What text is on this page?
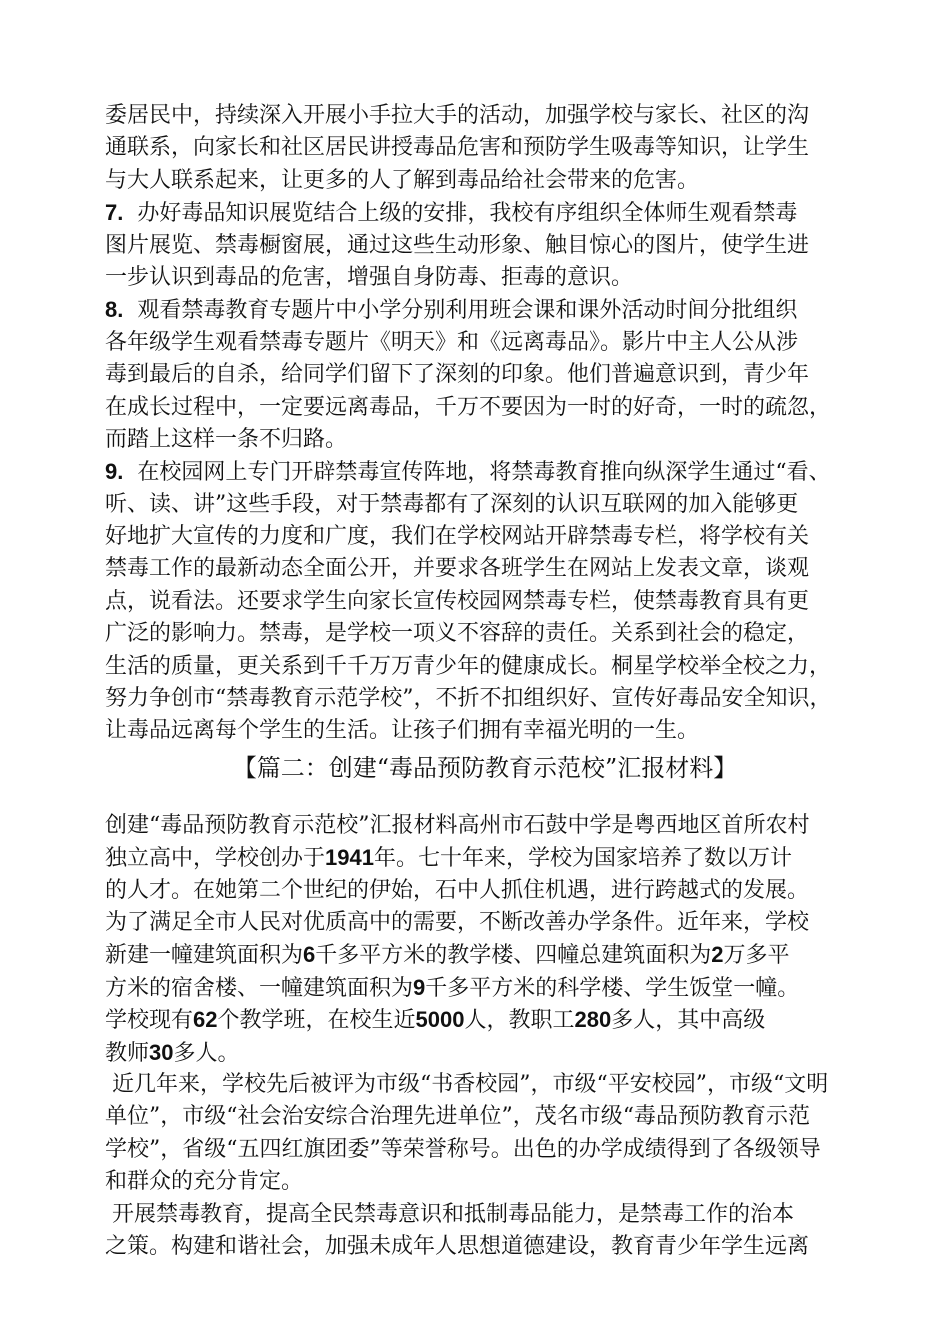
委居民中，持续深入开展小手拉大手的活动，加强学校与家长、社区的沟
通联系，向家长和社区居民讲授毒品危害和预防学生吸毒等知识，让学生
与大人联系起来，让更多的人了解到毒品给社会带来的危害。
7. 办好毒品知识展览结合上级的安排，我校有序组织全体师生观看禁毒
图片展览、禁毒橱窗展，通过这些生动形象、触目惊心的图片，使学生进
一步认识到毒品的危害，增强自身防毒、拒毒的意识。
8. 观看禁毒教育专题片中小学分别利用班会课和课外活动时间分批组织
各年级学生观看禁毒专题片《明天》和《远离毒品》。影片中主人公从涉
毒到最后的自杀，给同学们留下了深刻的印象。他们普遍意识到，青少年
在成长过程中，一定要远离毒品，千万不要因为一时的好奇，一时的疏忽，
而踏上这样一条不归路。
9. 在校园网上专门开辟禁毒宣传阵地，将禁毒教育推向纵深学生通过“看、
听、读、讲”这些手段，对于禁毒都有了深刻的认识互联网的加入能够更
好地扩大宣传的力度和广度，我们在学校网站开辟禁毒专栏，将学校有关
禁毒工作的最新动态全面公开，并要求各班学生在网站上发表文章，谈观
点，说看法。还要求学生向家长宣传校园网禁毒专栏，使禁毒教育具有更
广泛的影响力。禁毒，是学校一项义不容辞的责任。关系到社会的稳定，
生活的质量，更关系到千千万万青少年的健康成长。桐星学校举全校之力，
努力争创市“禁毒教育示范学校”，不折不扣组织好、宣传好毒品安全知识，
让毒品远离每个学生的生活。让孩子们拥有幸福光明的一生。
【篇二：创建“毒品预防教育示范校”汇报材料】
创建“毒品预防教育示范校”汇报材料高州市石鼓中学是粤西地区首所农村
独立高中，学校创办于1941年。七十年来，学校为国家培养了数以万计
的人才。在她第二个世纪的伊始，石中人抓住机遇，进行跨越式的发展。
为了满足全市人民对优质高中的需要，不断改善办学条件。近年来，学校
新建一幢建筑面积为6千多平方米的教学楼、四幢总建筑面积为2万多平
方米的宿舍楼、一幢建筑面积为9千多平方米的科学楼、学生饭堂一幢。
学校现有62个教学班，在校生近5000人，教职工280多人，其中高级
教师30多人。
近几年来，学校先后被评为市级“书香校园”，市级“平安校园”，市级“文明
单位”，市级“社会治安综合治理先进单位”，茂名市级“毒品预防教育示范
学校”，省级“五四红旗团委”等荣誉称号。出色的办学成绩得到了各级领导
和群众的充分肯定。
开展禁毒教育，提高全民禁毒意识和抵制毒品能力，是禁毒工作的治本
之策。构建和谐社会，加强未成年人思想道德建设，教育青少年学生远离
